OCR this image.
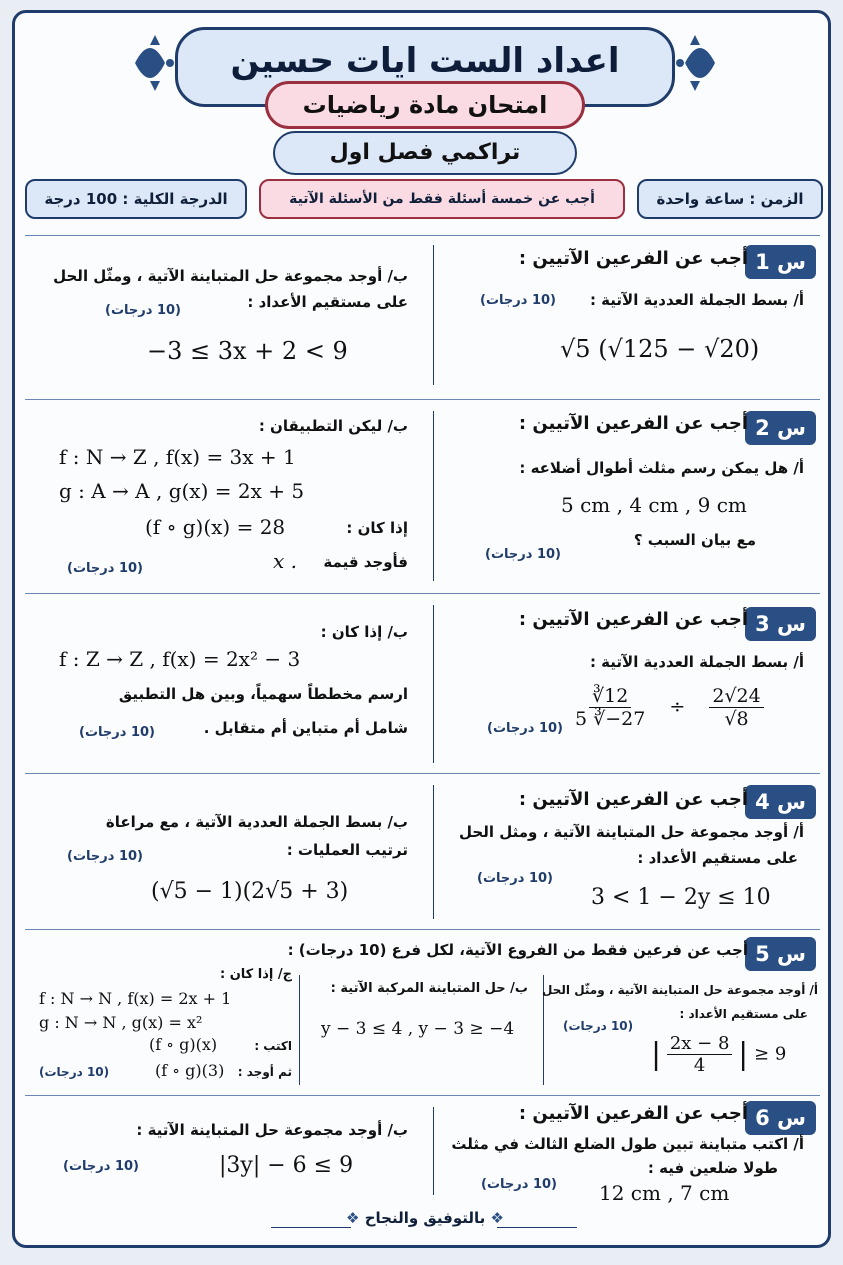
اعداد الست ايات حسين
امتحان مادة رياضيات
تراكمي فصل اول
الزمن : ساعة واحدة
أجب عن خمسة أسئلة فقط من الأسئلة الآتية
الدرجة الكلية : 100 درجة
س 1
أجب عن الفرعين الآتيين :
أ/ بسط الجملة العددية الآتية :
(10 درجات)
√5 (√125 − √20)
ب/ أوجد مجموعة حل المتباينة الآتية ، ومثّل الحل
على مستقيم الأعداد :
(10 درجات)
−3 ≤ 3x + 2 < 9
س 2
أجب عن الفرعين الآتيين :
أ/ هل يمكن رسم مثلث أطوال أضلاعه :
5 cm , 4 cm , 9 cm
مع بيان السبب ؟
(10 درجات)
ب/ ليكن التطبيقان :
f : N → Z , f(x) = 3x + 1
g : A → A , g(x) = 2x + 5
إذا كان :
(f ∘ g)(x) = 28
فأوجد قيمة
x .
(10 درجات)
س 3
أجب عن الفرعين الآتيين :
أ/ بسط الجملة العددية الآتية :
(10 درجات) $\frac{∛12}{5 ∛-27} \div \frac{2√24}{√8}$
ب/ إذا كان :
f : Z → Z , f(x) = 2x² − 3
ارسم مخططاً سهمياً، وبين هل التطبيق
شامل أم متباين أم متقابل .
(10 درجات)
س 4
أجب عن الفرعين الآتيين :
أ/ أوجد مجموعة حل المتباينة الآتية ، ومثل الحل
على مستقيم الأعداد :
(10 درجات)
3 < 1 − 2y ≤ 10
ب/ بسط الجملة العددية الآتية ، مع مراعاة
ترتيب العمليات :
(10 درجات)
(√5 − 1)(2√5 + 3)
س 5
أجب عن فرعين فقط من الفروع الآتية، لكل فرع (10 درجات) :
أ/ أوجد مجموعة حل المتباينة الآتية ، ومثّل الحل
على مستقيم الأعداد :
(10 درجات)
| $\frac{2x - 8}{4}$ | ≥ 9
ب/ حل المتباينة المركبة الآتية :
y − 3 ≤ 4 , y − 3 ≥ −4
ج/ إذا كان :
f : N → N , f(x) = 2x + 1
g : N → N , g(x) = x²
اكتب :
(f ∘ g)(x)
ثم أوجد :
(f ∘ g)(3)
(10 درجات)
س 6
أجب عن الفرعين الآتيين :
أ/ اكتب متباينة تبين طول الضلع الثالث في مثلث
طولا ضلعين فيه :
(10 درجات) 12 cm , 7 cm
ب/ أوجد مجموعة حل المتباينة الآتية :
(10 درجات)	|3y| − 6 ≤ 9
❖ بالتوفيق والنجاح ❖
